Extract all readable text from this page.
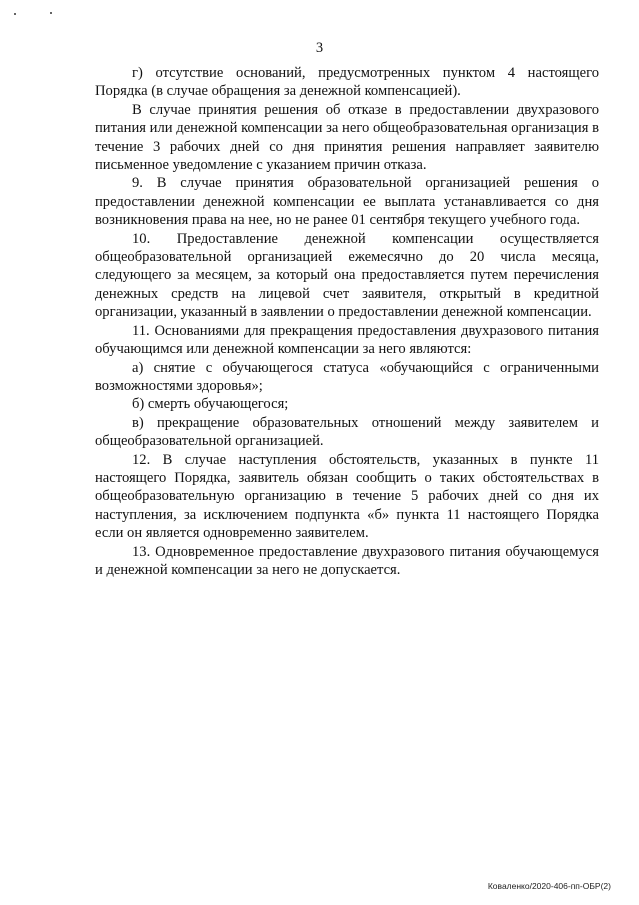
3

г) отсутствие оснований, предусмотренных пунктом 4 настоящего Порядка (в случае обращения за денежной компенсацией).

В случае принятия решения об отказе в предоставлении двухразового питания или денежной компенсации за него общеобразовательная организация в течение 3 рабочих дней со дня принятия решения направляет заявителю письменное уведомление с указанием причин отказа.

9. В случае принятия образовательной организацией решения о предоставлении денежной компенсации ее выплата устанавливается со дня возникновения права на нее, но не ранее 01 сентября текущего учебного года.

10. Предоставление денежной компенсации осуществляется общеобразовательной организацией ежемесячно до 20 числа месяца, следующего за месяцем, за который она предоставляется путем перечисления денежных средств на лицевой счет заявителя, открытый в кредитной организации, указанный в заявлении о предоставлении денежной компенсации.

11. Основаниями для прекращения предоставления двухразового питания обучающимся или денежной компенсации за него являются:

а) снятие с обучающегося статуса «обучающийся с ограниченными возможностями здоровья»;

б) смерть обучающегося;

в) прекращение образовательных отношений между заявителем и общеобразовательной организацией.

12. В случае наступления обстоятельств, указанных в пункте 11 настоящего Порядка, заявитель обязан сообщить о таких обстоятельствах в общеобразовательную организацию в течение 5 рабочих дней со дня их наступления, за исключением подпункта «б» пункта 11 настоящего Порядка если он является одновременно заявителем.

13. Одновременное предоставление двухразового питания обучающемуся и денежной компенсации за него не допускается.

Коваленко/2020-406-пп-ОБР(2)
